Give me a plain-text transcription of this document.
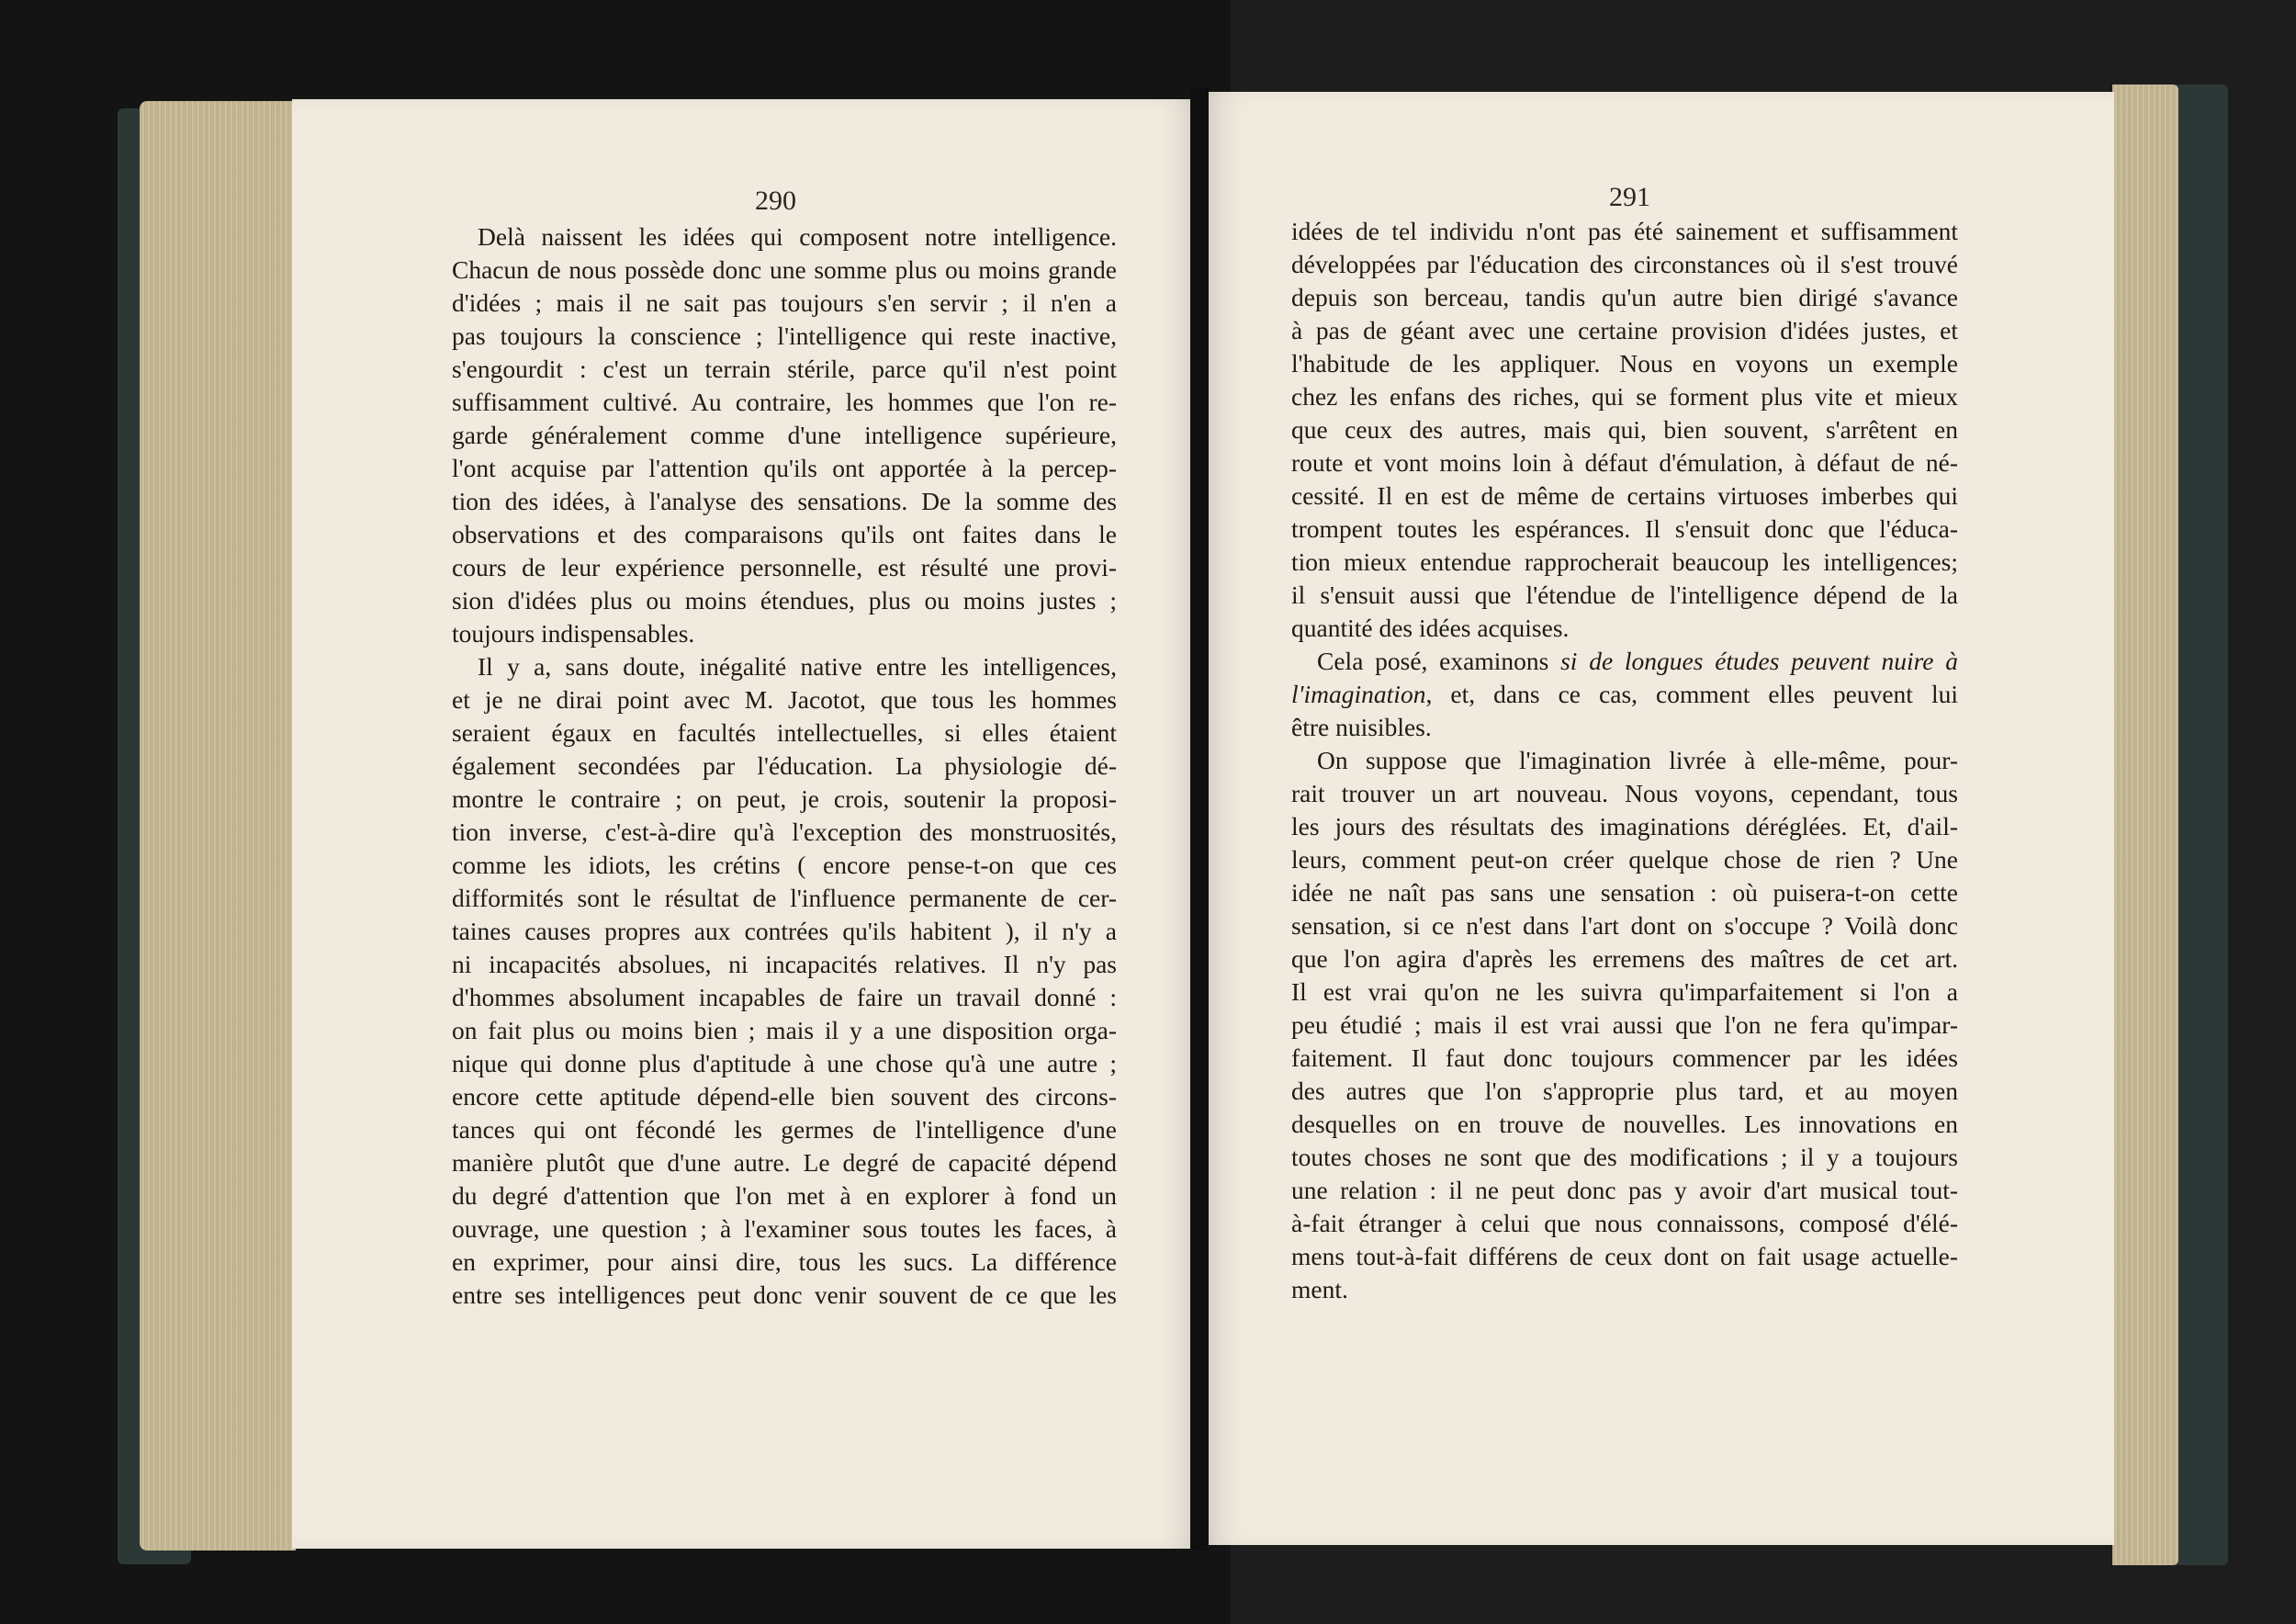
290	291
Delà naissent les idées qui composent notre intelligence.
Chacun de nous possède donc une somme plus ou moins grande
d'idées ; mais il ne sait pas toujours s'en servir ; il n'en a
pas toujours la conscience ; l'intelligence qui reste inactive,
s'engourdit : c'est un terrain stérile, parce qu'il n'est point
suffisamment cultivé. Au contraire, les hommes que l'on re-
garde généralement comme d'une intelligence supérieure,
l'ont acquise par l'attention qu'ils ont apportée à la percep-
tion des idées, à l'analyse des sensations. De la somme des
observations et des comparaisons qu'ils ont faites dans le
cours de leur expérience personnelle, est résulté une provi-
sion d'idées plus ou moins étendues, plus ou moins justes ;
toujours indispensables.
Il y a, sans doute, inégalité native entre les intelligences,
et je ne dirai point avec M. Jacotot, que tous les hommes
seraient égaux en facultés intellectuelles, si elles étaient
également secondées par l'éducation. La physiologie dé-
montre le contraire ; on peut, je crois, soutenir la proposi-
tion inverse, c'est-à-dire qu'à l'exception des monstruosités,
comme les idiots, les crétins ( encore pense-t-on que ces
difformités sont le résultat de l'influence permanente de cer-
taines causes propres aux contrées qu'ils habitent ), il n'y a
ni incapacités absolues, ni incapacités relatives. Il n'y pas
d'hommes absolument incapables de faire un travail donné :
on fait plus ou moins bien ; mais il y a une disposition orga-
nique qui donne plus d'aptitude à une chose qu'à une autre ;
encore cette aptitude dépend-elle bien souvent des circons-
tances qui ont fécondé les germes de l'intelligence d'une
manière plutôt que d'une autre. Le degré de capacité dépend
du degré d'attention que l'on met à en explorer à fond un
ouvrage, une question ; à l'examiner sous toutes les faces, à
en exprimer, pour ainsi dire, tous les sucs. La différence
entre ses intelligences peut donc venir souvent de ce que les
idées de tel individu n'ont pas été sainement et suffisamment
développées par l'éducation des circonstances où il s'est trouvé
depuis son berceau, tandis qu'un autre bien dirigé s'avance
à pas de géant avec une certaine provision d'idées justes, et
l'habitude de les appliquer. Nous en voyons un exemple
chez les enfans des riches, qui se forment plus vite et mieux
que ceux des autres, mais qui, bien souvent, s'arrêtent en
route et vont moins loin à défaut d'émulation, à défaut de né-
cessité. Il en est de même de certains virtuoses imberbes qui
trompent toutes les espérances. Il s'ensuit donc que l'éduca-
tion mieux entendue rapprocherait beaucoup les intelligences;
il s'ensuit aussi que l'étendue de l'intelligence dépend de la
quantité des idées acquises.
Cela posé, examinons si de longues études peuvent nuire à
l'imagination, et, dans ce cas, comment elles peuvent lui
être nuisibles.
On suppose que l'imagination livrée à elle-même, pour-
rait trouver un art nouveau. Nous voyons, cependant, tous
les jours des résultats des imaginations déréglées. Et, d'ail-
leurs, comment peut-on créer quelque chose de rien ? Une
idée ne naît pas sans une sensation : où puisera-t-on cette
sensation, si ce n'est dans l'art dont on s'occupe ? Voilà donc
que l'on agira d'après les erremens des maîtres de cet art.
Il est vrai qu'on ne les suivra qu'imparfaitement si l'on a
peu étudié ; mais il est vrai aussi que l'on ne fera qu'impar-
faitement. Il faut donc toujours commencer par les idées
des autres que l'on s'approprie plus tard, et au moyen
desquelles on en trouve de nouvelles. Les innovations en
toutes choses ne sont que des modifications ; il y a toujours
une relation : il ne peut donc pas y avoir d'art musical tout-
à-fait étranger à celui que nous connaissons, composé d'élé-
mens tout-à-fait différens de ceux dont on fait usage actuelle-
ment.
